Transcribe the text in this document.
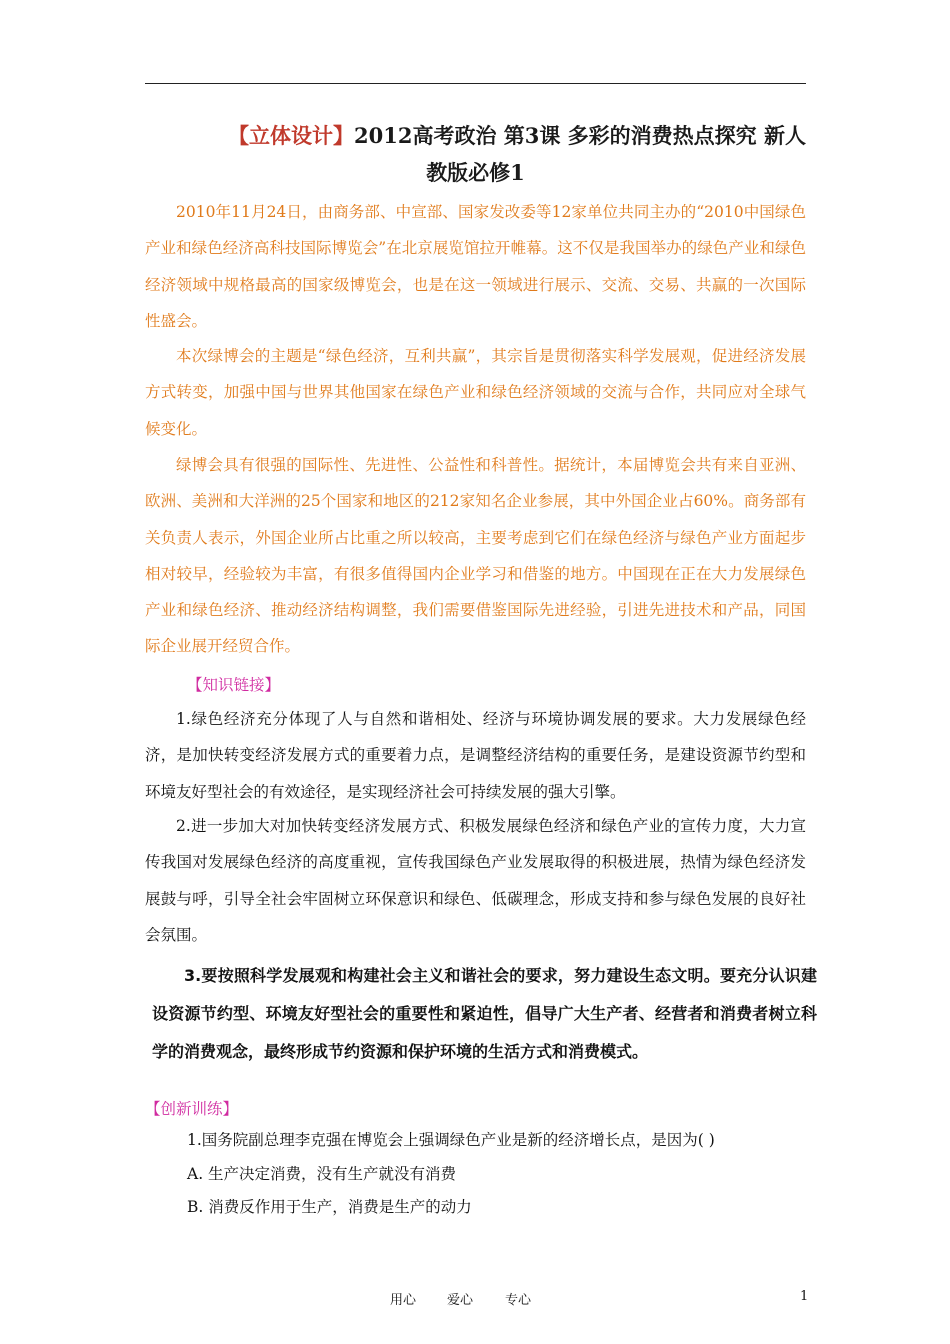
【立体设计】2012高考政治 第3课 多彩的消费热点探究 新人
教版必修1
2010年11月24日，由商务部、中宣部、国家发改委等12家单位共同主办的“2010中国绿色产业和绿色经济高科技国际博览会”在北京展览馆拉开帷幕。这不仅是我国举办的绿色产业和绿色经济领域中规格最高的国家级博览会，也是在这一领域进行展示、交流、交易、共赢的一次国际性盛会。
本次绿博会的主题是“绿色经济，互利共赢”，其宗旨是贯彻落实科学发展观，促进经济发展方式转变，加强中国与世界其他国家在绿色产业和绿色经济领域的交流与合作，共同应对全球气候变化。
绿博会具有很强的国际性、先进性、公益性和科普性。据统计，本届博览会共有来自亚洲、欧洲、美洲和大洋洲的25个国家和地区的212家知名企业参展，其中外国企业占60%。商务部有关负责人表示，外国企业所占比重之所以较高，主要考虑到它们在绿色经济与绿色产业方面起步相对较早，经验较为丰富，有很多值得国内企业学习和借鉴的地方。中国现在正在大力发展绿色产业和绿色经济、推动经济结构调整，我们需要借鉴国际先进经验，引进先进技术和产品，同国际企业展开经贸合作。
【知识链接】
1.绿色经济充分体现了人与自然和谐相处、经济与环境协调发展的要求。大力发展绿色经济，是加快转变经济发展方式的重要着力点，是调整经济结构的重要任务，是建设资源节约型和环境友好型社会的有效途径，是实现经济社会可持续发展的强大引擎。
2.进一步加大对加快转变经济发展方式、积极发展绿色经济和绿色产业的宣传力度，大力宣传我国对发展绿色经济的高度重视，宣传我国绿色产业发展取得的积极进展，热情为绿色经济发展鼓与呼，引导全社会牢固树立环保意识和绿色、低碳理念，形成支持和参与绿色发展的良好社会氛围。
3.要按照科学发展观和构建社会主义和谐社会的要求，努力建设生态文明。要充分认识建设资源节约型、环境友好型社会的重要性和紧迫性，倡导广大生产者、经营者和消费者树立科学的消费观念，最终形成节约资源和保护环境的生活方式和消费模式。
【创新训练】
1.国务院副总理李克强在博览会上强调绿色产业是新的经济增长点，是因为( )
A. 生产决定消费，没有生产就没有消费
B. 消费反作用于生产，消费是生产的动力
用心 爱心 专心	1
